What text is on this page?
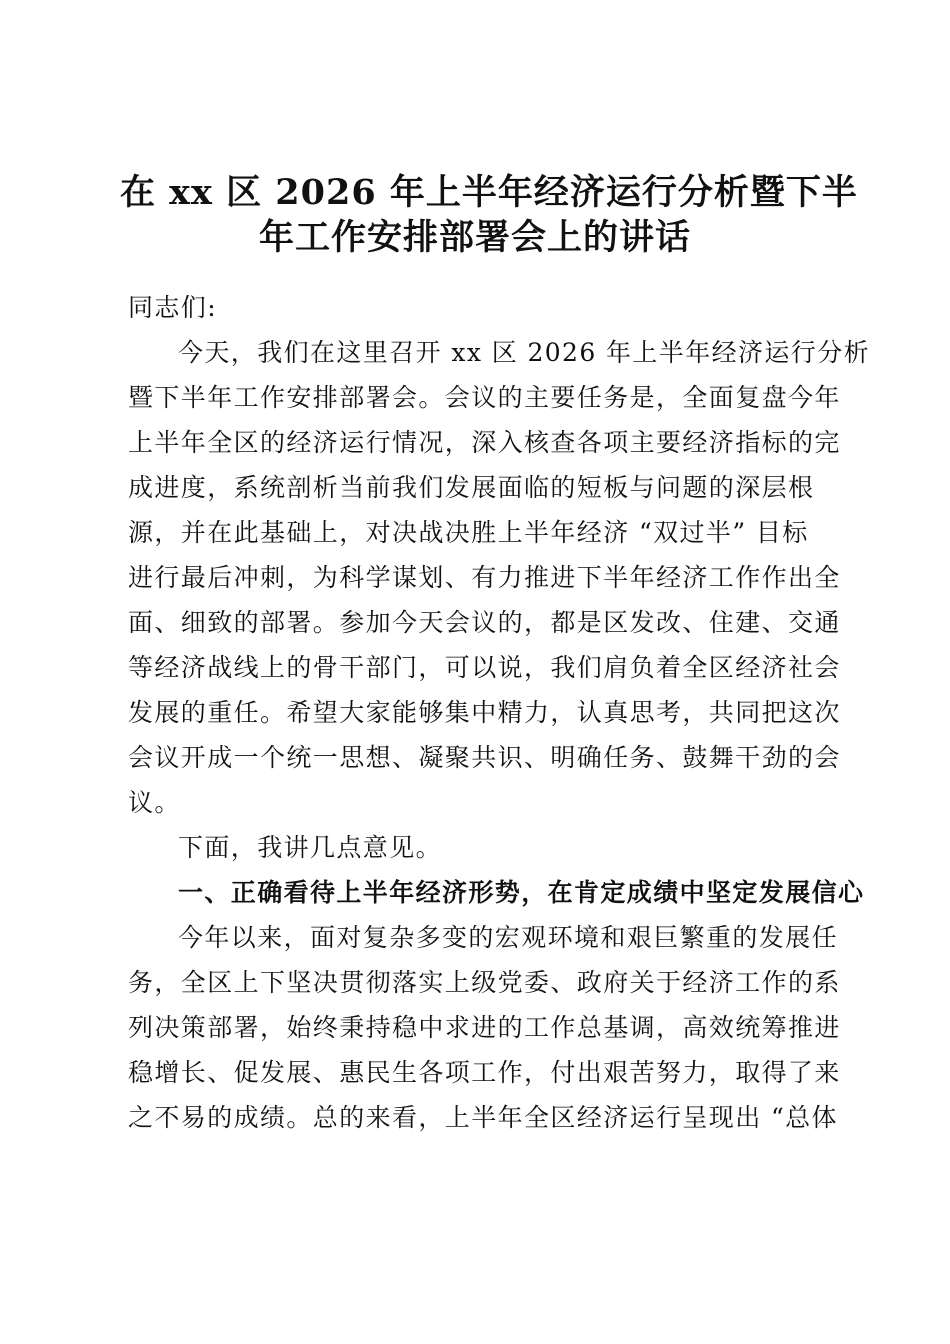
在 xx 区 2026 年上半年经济运行分析暨下半
年工作安排部署会上的讲话
同志们:
今天，我们在这里召开 xx 区 2026 年上半年经济运行分析
暨下半年工作安排部署会。会议的主要任务是，全面复盘今年
上半年全区的经济运行情况，深入核查各项主要经济指标的完
成进度，系统剖析当前我们发展面临的短板与问题的深层根
源，并在此基础上，对决战决胜上半年经济 “双过半” 目标
进行最后冲刺，为科学谋划、有力推进下半年经济工作作出全
面、细致的部署。参加今天会议的，都是区发改、住建、交通
等经济战线上的骨干部门，可以说，我们肩负着全区经济社会
发展的重任。希望大家能够集中精力，认真思考，共同把这次
会议开成一个统一思想、凝聚共识、明确任务、鼓舞干劲的会
议。
下面，我讲几点意见。
一、正确看待上半年经济形势，在肯定成绩中坚定发展信心
今年以来，面对复杂多变的宏观环境和艰巨繁重的发展任
务，全区上下坚决贯彻落实上级党委、政府关于经济工作的系
列决策部署，始终秉持稳中求进的工作总基调，高效统筹推进
稳增长、促发展、惠民生各项工作，付出艰苦努力，取得了来
之不易的成绩。总的来看，上半年全区经济运行呈现出 “总体
